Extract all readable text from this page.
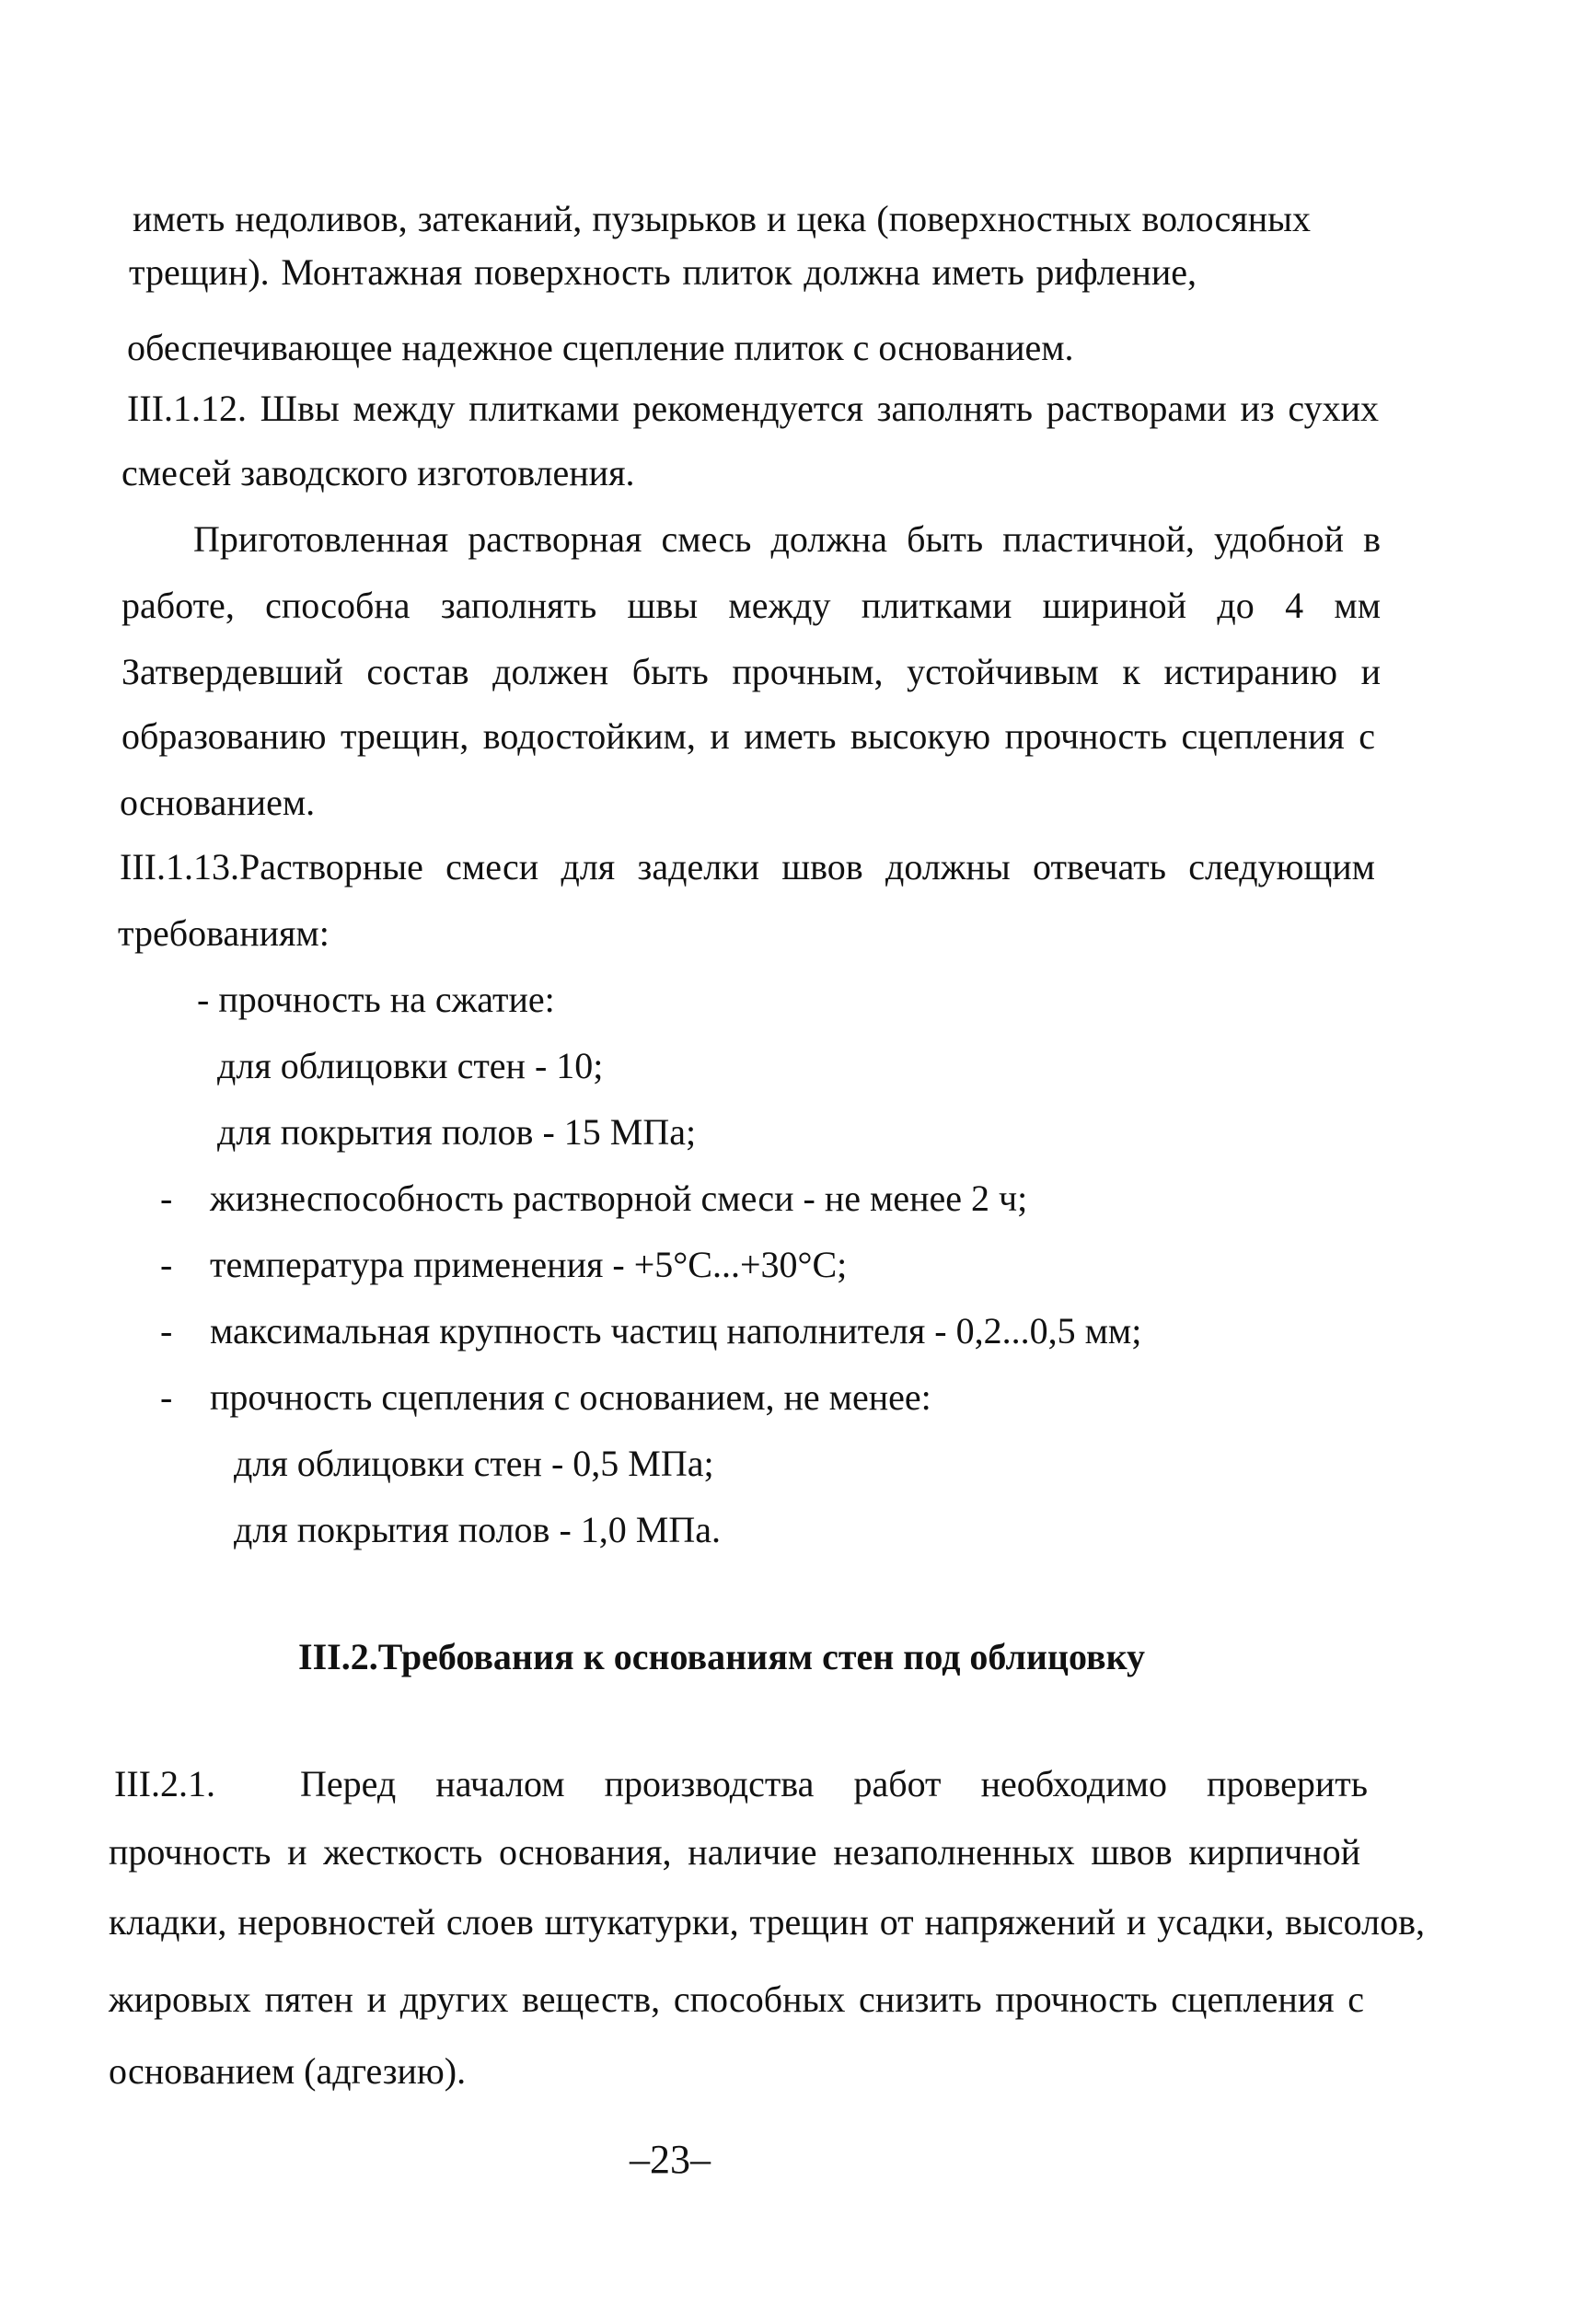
иметь недоливов, затеканий, пузырьков и цека (поверхностных волосяных
трещин). Монтажная поверхность плиток должна иметь рифление,
обеспечивающее надежное сцепление плиток с основанием.
III.1.12. Швы между плитками рекомендуется заполнять растворами из сухих
смесей заводского изготовления.
Приготовленная растворная смесь должна быть пластичной, удобной в
работе, способна заполнять швы между плитками шириной до 4 мм
Затвердевший состав должен быть прочным, устойчивым к истиранию и
образованию трещин, водостойким, и иметь высокую прочность сцепления с
основанием.
III.1.13.Растворные смеси для заделки швов должны отвечать следующим
требованиям:
- прочность на сжатие:
для облицовки стен - 10;
для покрытия полов - 15 МПа;
- жизнеспособность растворной смеси - не менее 2 ч;
- температура применения - +5°С...+30°С;
- максимальная крупность частиц наполнителя - 0,2...0,5 мм;
- прочность сцепления с основанием, не менее:
для облицовки стен - 0,5 МПа;
для покрытия полов - 1,0 МПа.
III.2.Требования к основаниям стен под облицовку
III.2.1. Перед началом производства работ необходимо проверить
прочность и жесткость основания, наличие незаполненных швов кирпичной
кладки, неровностей слоев штукатурки, трещин от напряжений и усадки, высолов,
жировых пятен и других веществ, способных снизить прочность сцепления с
основанием (адгезию).
–23–
